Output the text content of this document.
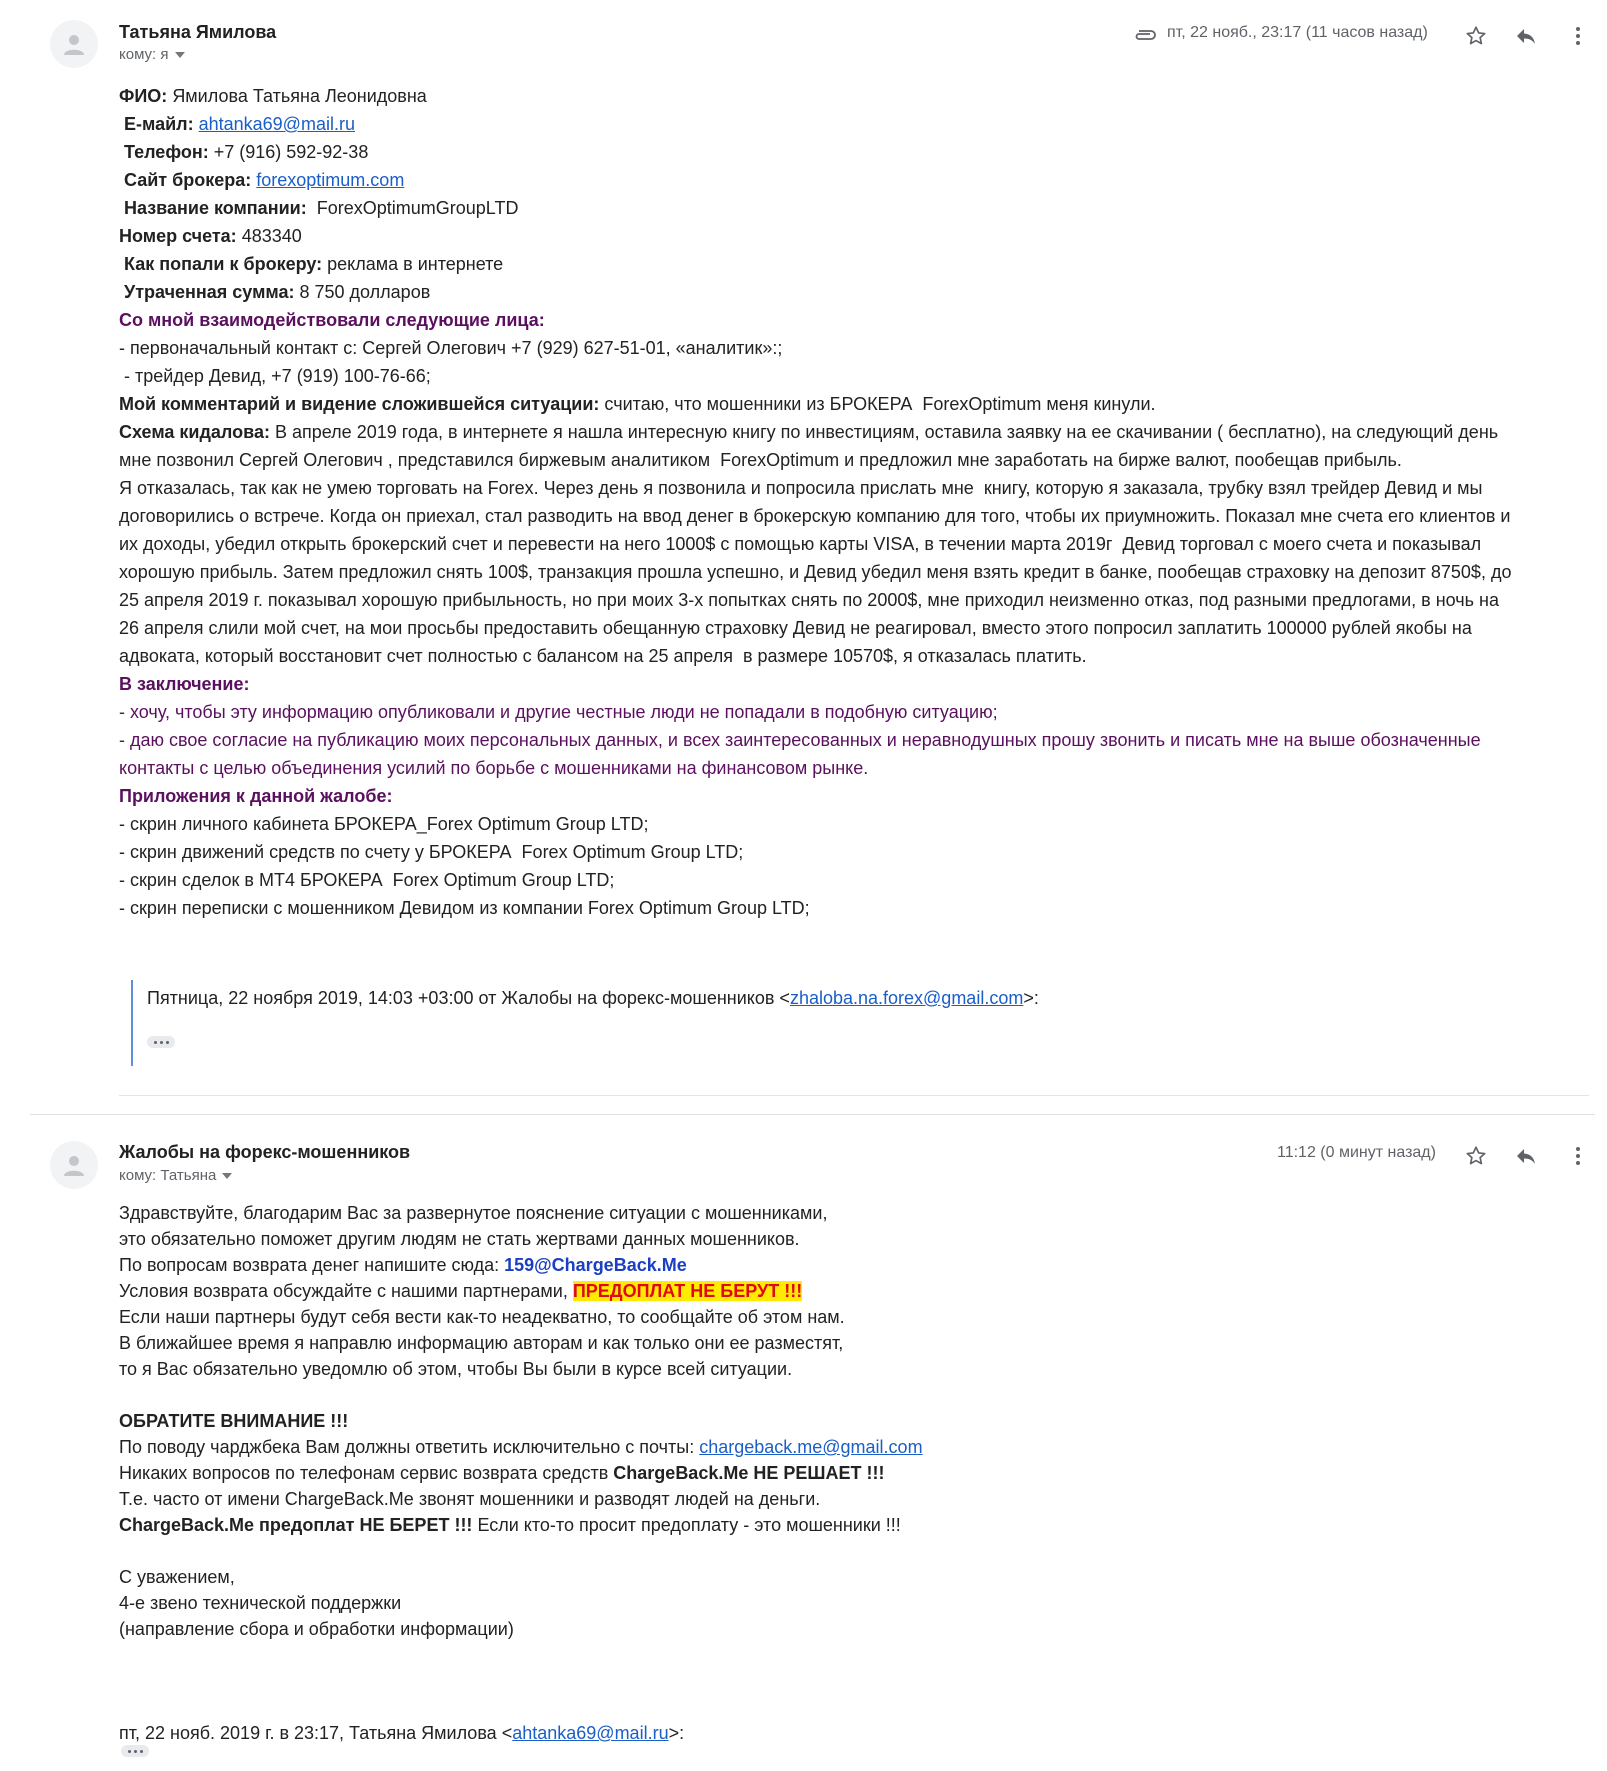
Татьяна Ямилова
кому: я
пт, 22 нояб., 23:17 (11 часов назад)
ФИО: Ямилова Татьяна Леонидовна
E-майл: ahtanka69@mail.ru
Телефон: +7 (916) 592-92-38
Сайт брокера: forexoptimum.com
Название компании: ForexOptimumGroupLTD
Номер счета: 483340
Как попали к брокеру: реклама в интернете
Утраченная сумма: 8 750 долларов
Со мной взаимодействовали следующие лица:
- первоначальный контакт с: Сергей Олегович +7 (929) 627-51-01, «аналитик»:;
- трейдер Девид, +7 (919) 100-76-66;
Мой комментарий и видение сложившейся ситуации: считаю, что мошенники из БРОКЕРА  ForexOptimum меня кинули.
Схема кидалова: В апреле 2019 года, в интернете я нашла интересную книгу по инвестициям, оставила заявку на ее скачивании ( бесплатно), на следующий день
мне позвонил Сергей Олегович , представился биржевым аналитиком  ForexOptimum и предложил мне заработать на бирже валют, пообещав прибыль.
Я отказалась, так как не умею торговать на Forex. Через день я позвонила и попросила прислать мне  книгу, которую я заказала, трубку взял трейдер Девид и мы
договорились о встрече. Когда он приехал, стал разводить на ввод денег в брокерскую компанию для того, чтобы их приумножить. Показал мне счета его клиентов и
их доходы, убедил открыть брокерский счет и перевести на него 1000$ с помощью карты VISA, в течении марта 2019г  Девид торговал с моего счета и показывал
хорошую прибыль. Затем предложил снять 100$, транзакция прошла успешно, и Девид убедил меня взять кредит в банке, пообещав страховку на депозит 8750$, до
25 апреля 2019 г. показывал хорошую прибыльность, но при моих 3-х попытках снять по 2000$, мне приходил неизменно отказ, под разными предлогами, в ночь на
26 апреля слили мой счет, на мои просьбы предоставить обещанную страховку Девид не реагировал, вместо этого попросил заплатить 100000 рублей якобы на
адвоката, который восстановит счет полностью с балансом на 25 апреля  в размере 10570$, я отказалась платить.
В заключение:
- хочу, чтобы эту информацию опубликовали и другие честные люди не попадали в подобную ситуацию;
- даю свое согласие на публикацию моих персональных данных, и всех заинтересованных и неравнодушных прошу звонить и писать мне на выше обозначенные
контакты с целью объединения усилий по борьбе с мошенниками на финансовом рынке.
Приложения к данной жалобе:
- скрин личного кабинета БРОКЕРА_Forex Optimum Group LTD;
- скрин движений средств по счету у БРОКЕРА  Forex Optimum Group LTD;
- скрин сделок в МТ4 БРОКЕРА  Forex Optimum Group LTD;
- скрин переписки с мошенником Девидом из компании Forex Optimum Group LTD;
Пятница, 22 ноября 2019, 14:03 +03:00 от Жалобы на форекс-мошенников <zhaloba.na.forex@gmail.com>:
Жалобы на форекс-мошенников
кому: Татьяна
11:12 (0 минут назад)
Здравствуйте, благодарим Вас за развернутое пояснение ситуации с мошенниками,
это обязательно поможет другим людям не стать жертвами данных мошенников.
По вопросам возврата денег напишите сюда: 159@ChargeBack.Me
Условия возврата обсуждайте с нашими партнерами, ПРЕДОПЛАТ НЕ БЕРУТ !!!
Если наши партнеры будут себя вести как-то неадекватно, то сообщайте об этом нам.
В ближайшее время я направлю информацию авторам и как только они ее разместят,
то я Вас обязательно уведомлю об этом, чтобы Вы были в курсе всей ситуации.
ОБРАТИТЕ ВНИМАНИЕ !!!
По поводу чарджбека Вам должны ответить исключительно с почты: chargeback.me@gmail.com
Никаких вопросов по телефонам сервис возврата средств ChargeBack.Me НЕ РЕШАЕТ !!!
Т.е. часто от имени ChargeBack.Me звонят мошенники и разводят людей на деньги.
ChargeBack.Me предоплат НЕ БЕРЕТ !!! Если кто-то просит предоплату - это мошенники !!!
С уважением,
4-е звено технической поддержки
(направление сбора и обработки информации)
пт, 22 нояб. 2019 г. в 23:17, Татьяна Ямилова <ahtanka69@mail.ru>:
